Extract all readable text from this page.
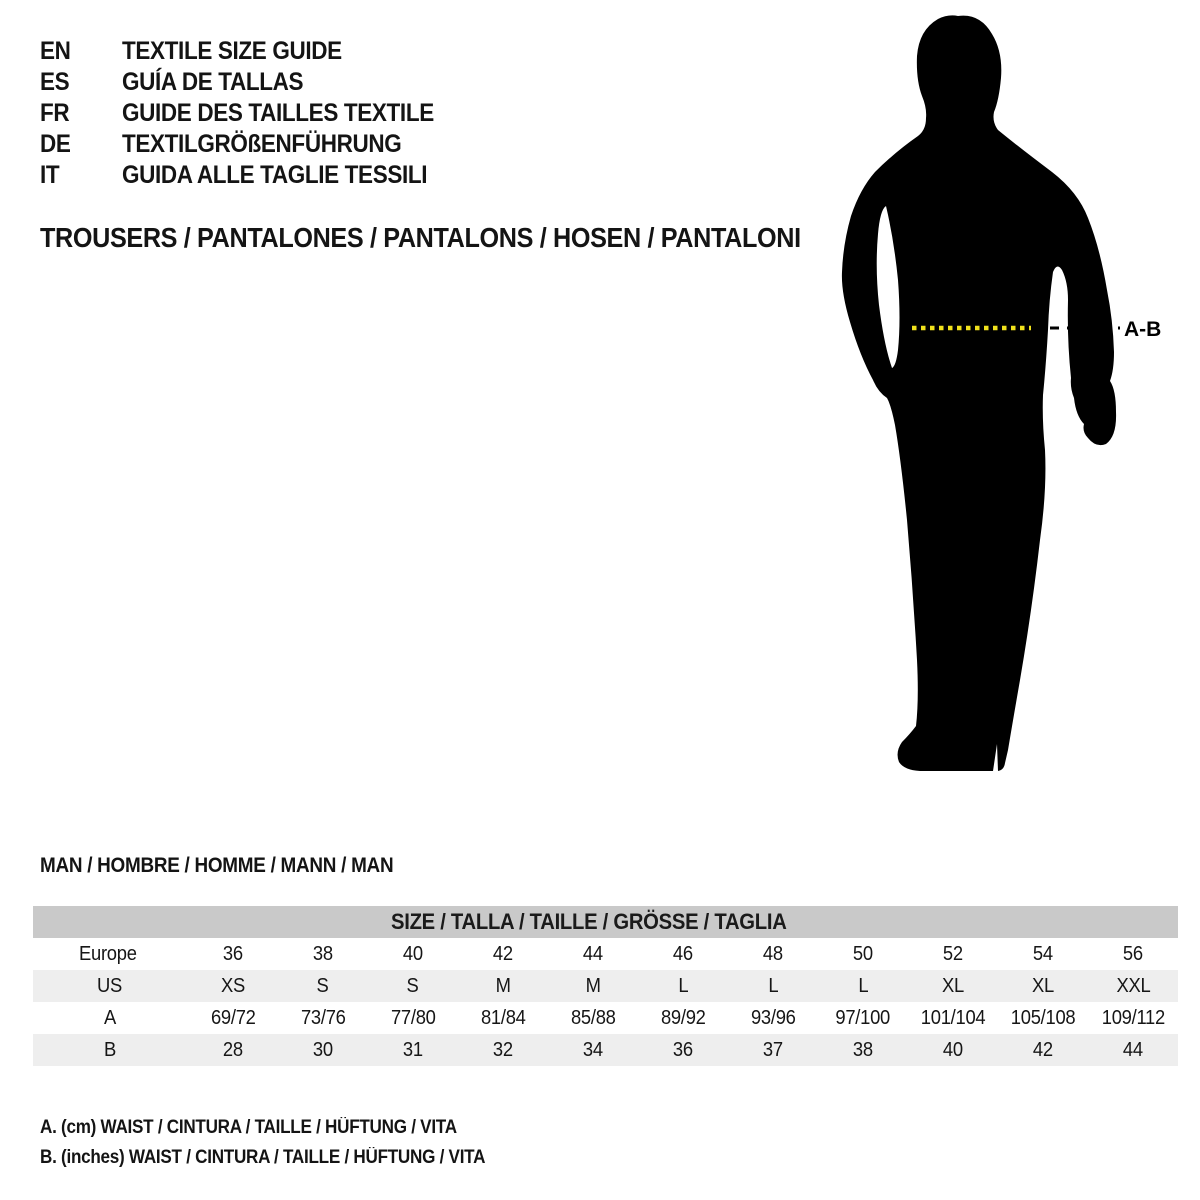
EN	TEXTILE SIZE GUIDE
ES	GUÍA DE TALLAS
FR	GUIDE DES TAILLES TEXTILE
DE	TEXTILGRÖßENFÜHRUNG
IT	GUIDA ALLE TAGLIE TESSILI
TROUSERS / PANTALONES / PANTALONS / HOSEN / PANTALONI
A-B
MAN / HOMBRE / HOMME / MANN / MAN
SIZE / TALLA / TAILLE / GRÖSSE / TAGLIA											
Europe	36	38	40	42	44	46	48	50	52	54	56
US	XS	S	S	M	M	L	L	L	XL	XL	XXL
A	69/72	73/76	77/80	81/84	85/88	89/92	93/96	97/100	101/104	105/108	109/112
B	28	30	31	32	34	36	37	38	40	42	44
A. (cm) WAIST / CINTURA / TAILLE / HÜFTUNG / VITA
B. (inches) WAIST / CINTURA / TAILLE / HÜFTUNG / VITA
